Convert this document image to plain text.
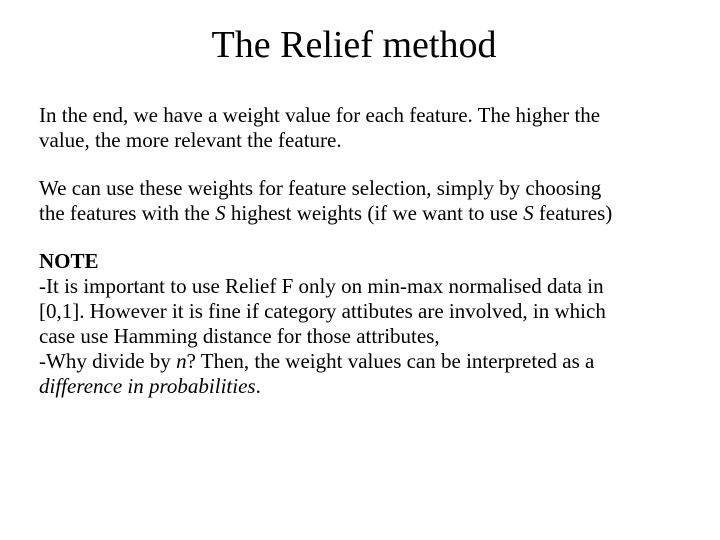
The Relief method
In the end, we have a weight value for each feature. The higher the
value, the more relevant the feature.
We can use these weights for feature selection, simply by choosing
the features with the S highest weights (if we want to use S features)
NOTE
-It is important to use Relief F only on min-max normalised data in
[0,1]. However it is fine if category attibutes are involved, in which
case use Hamming distance for those attributes,
-Why divide by n? Then, the weight values can be interpreted as a
difference in probabilities.
